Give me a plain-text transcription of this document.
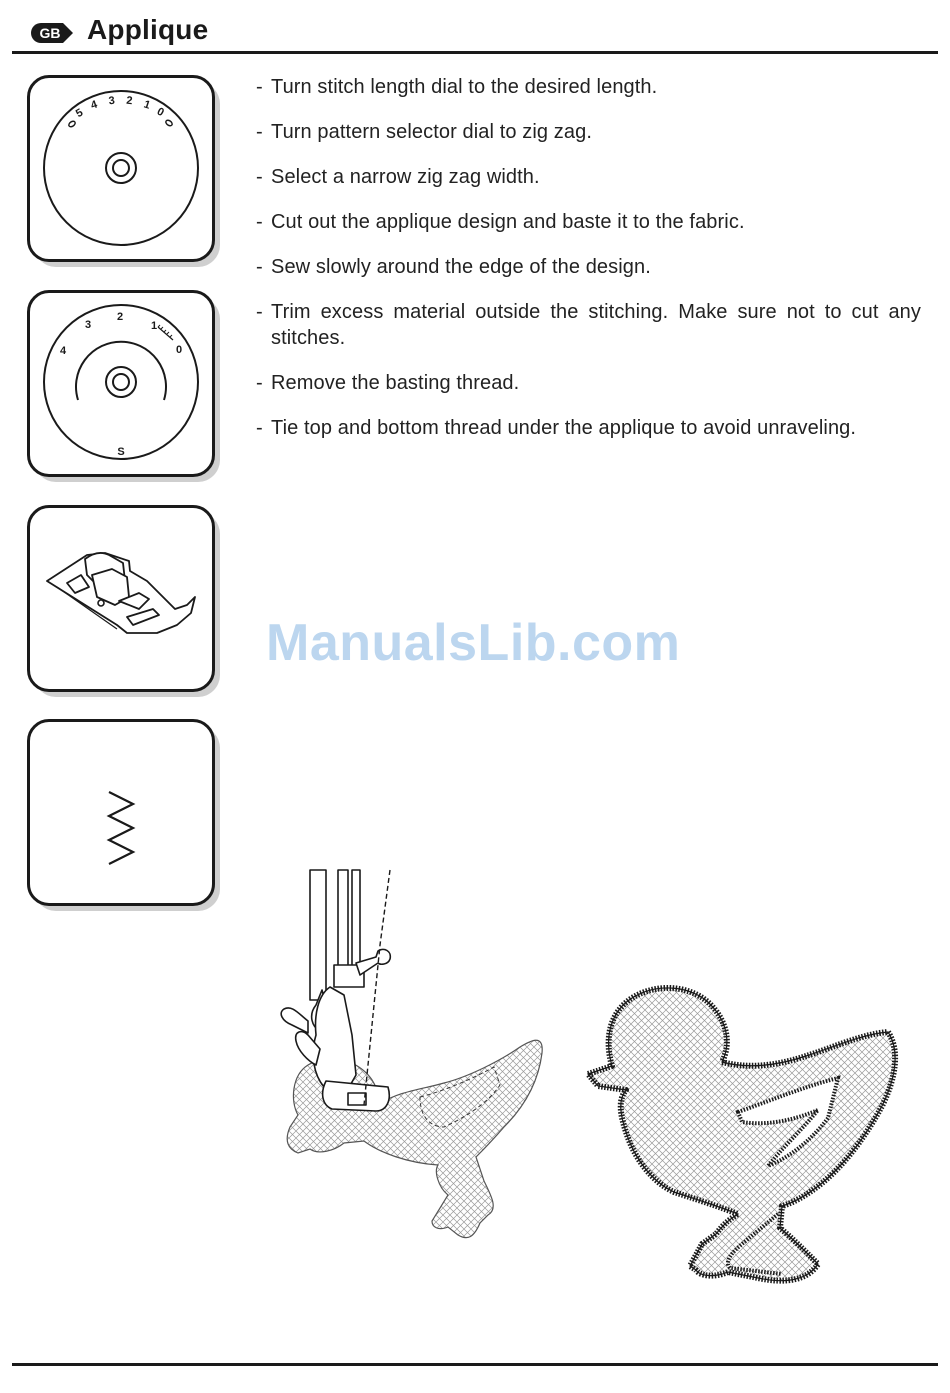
GB Applique
5
4 3 2 1
0
4
3
2
1
0
S
- Turn stitch length dial to the desired length.
- Turn pattern selector dial to zig zag.
- Select a narrow zig zag width.
- Cut out the applique design and baste it to the fabric.
- Sew slowly around the edge of the design.
- Trim excess material outside the stitching. Make sure not to cut any stitches.
- Remove the basting thread.
- Tie top and bottom thread under the applique to avoid unraveling.
ManualsLib.com
